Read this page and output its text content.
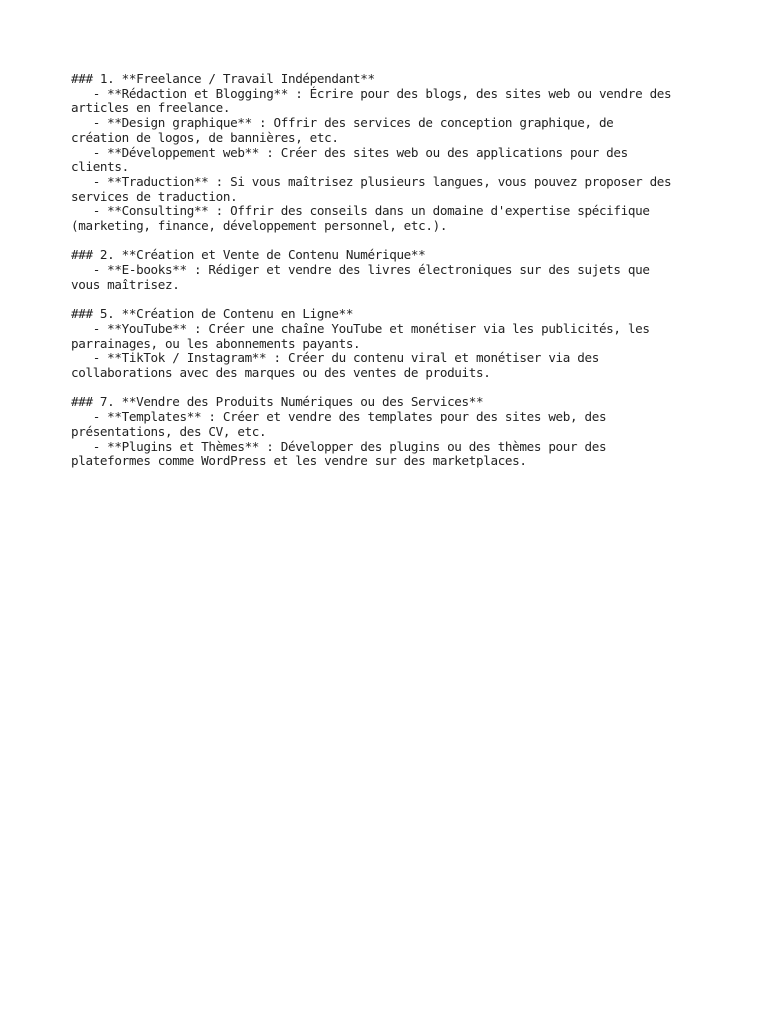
### 1. **Freelance / Travail Indépendant**
- **Rédaction et Blogging** : Écrire pour des blogs, des sites web ou vendre des
articles en freelance.
- **Design graphique** : Offrir des services de conception graphique, de
création de logos, de bannières, etc.
- **Développement web** : Créer des sites web ou des applications pour des
clients.
- **Traduction** : Si vous maîtrisez plusieurs langues, vous pouvez proposer des
services de traduction.
- **Consulting** : Offrir des conseils dans un domaine d'expertise spécifique
(marketing, finance, développement personnel, etc.).
### 2. **Création et Vente de Contenu Numérique**
- **E-books** : Rédiger et vendre des livres électroniques sur des sujets que
vous maîtrisez.
### 5. **Création de Contenu en Ligne**
- **YouTube** : Créer une chaîne YouTube et monétiser via les publicités, les
parrainages, ou les abonnements payants.
- **TikTok / Instagram** : Créer du contenu viral et monétiser via des
collaborations avec des marques ou des ventes de produits.
### 7. **Vendre des Produits Numériques ou des Services**
- **Templates** : Créer et vendre des templates pour des sites web, des
présentations, des CV, etc.
- **Plugins et Thèmes** : Développer des plugins ou des thèmes pour des
plateformes comme WordPress et les vendre sur des marketplaces.
